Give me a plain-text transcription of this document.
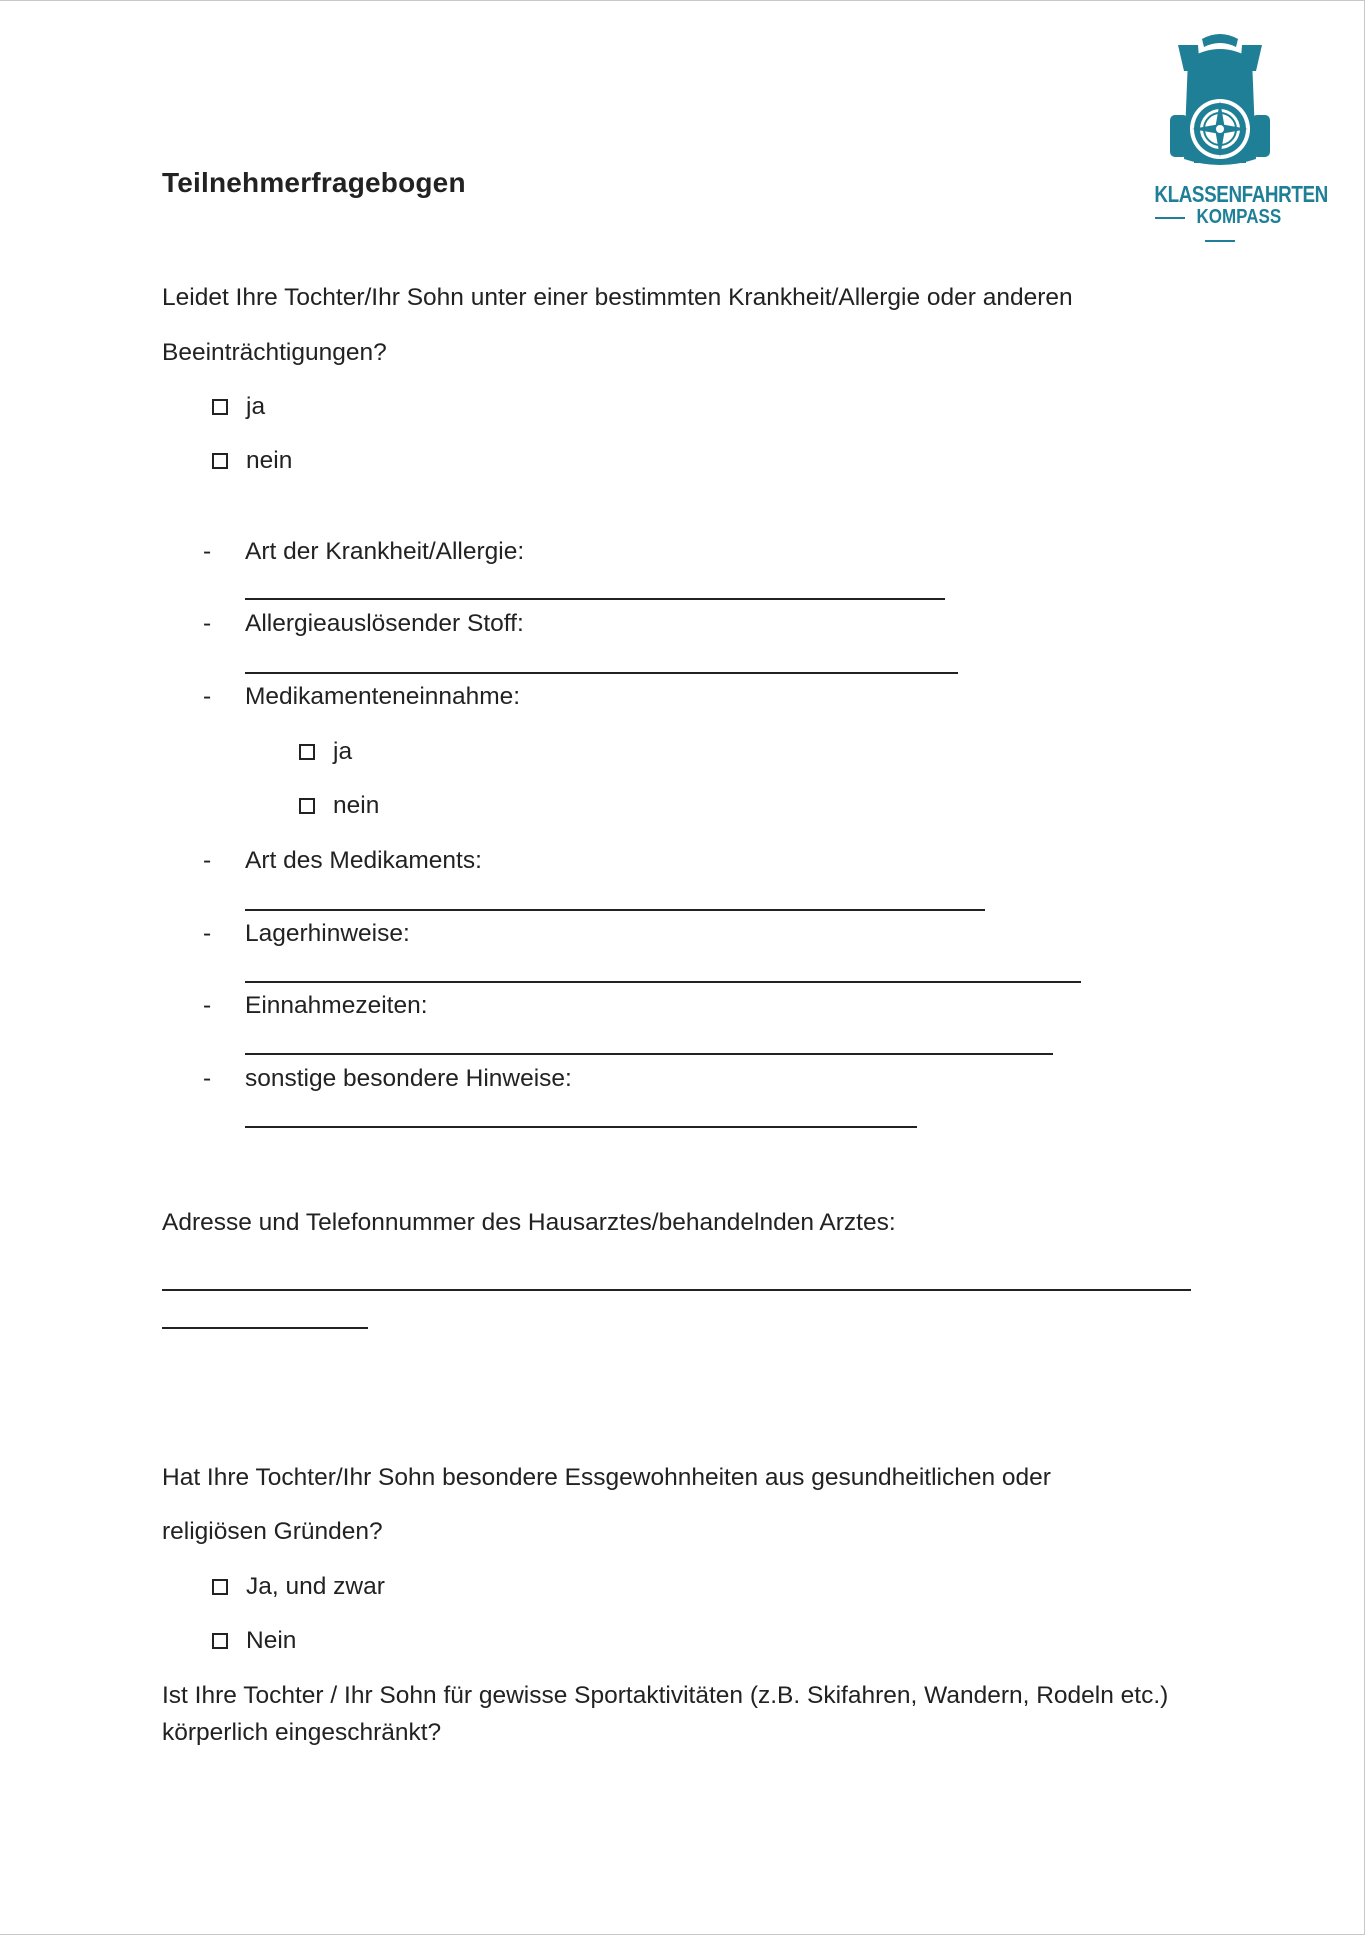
KLASSENFAHRTEN
KOMPASS
Teilnehmerfragebogen
Leidet Ihre Tochter/Ihr Sohn unter einer bestimmten Krankheit/Allergie oder anderen
Beeinträchtigungen?
ja
nein
- Art der Krankheit/Allergie:
- Allergieauslösender Stoff:
- Medikamenteneinnahme:
ja
nein
- Art des Medikaments:
- Lagerhinweise:
- Einnahmezeiten:
- sonstige besondere Hinweise:
Adresse und Telefonnummer des Hausarztes/behandelnden Arztes:
Hat Ihre Tochter/Ihr Sohn besondere Essgewohnheiten aus gesundheitlichen oder
religiösen Gründen?
Ja, und zwar
Nein
Ist Ihre Tochter / Ihr Sohn für gewisse Sportaktivitäten (z.B. Skifahren, Wandern, Rodeln etc.)
körperlich eingeschränkt?
